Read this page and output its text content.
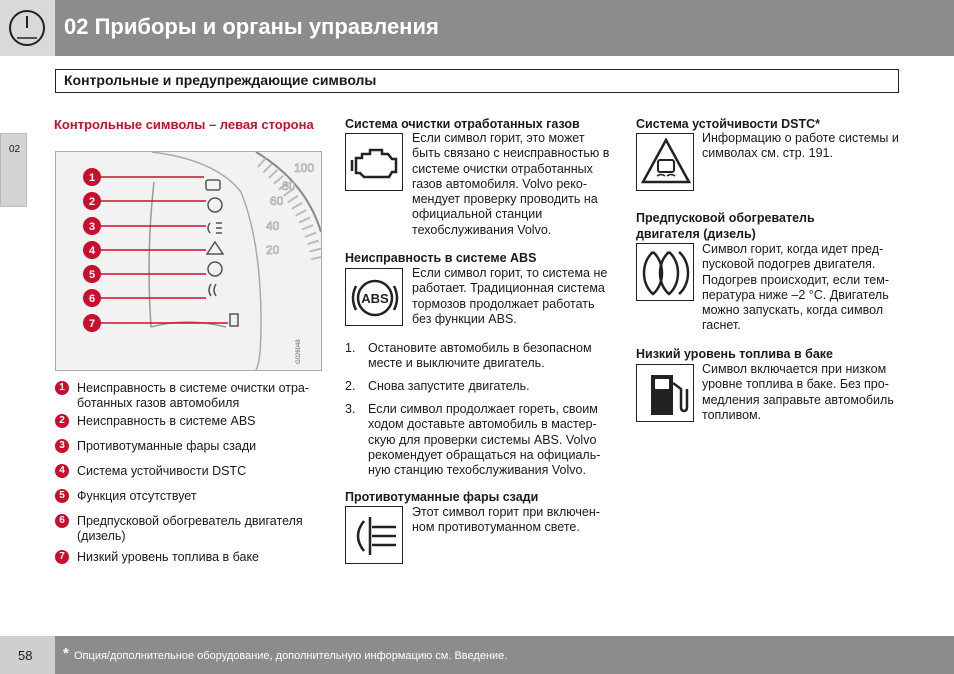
02 Приборы и органы управления
Контрольные и предупреждающие символы
02
Контрольные символы – левая сторона
100
80
60
40
20
1
2
3
4
5
6
7
G026048
1 Неисправность в системе очистки отра- ботанных газов автомобиля
2 Неисправность в системе ABS
3 Противотуманные фары сзади
4 Система устойчивости DSTC
5 Функция отсутствует
6 Предпусковой обогреватель двигателя (дизель)
7 Низкий уровень топлива в баке
Система очистки отработанных газов
Если символ горит, это может быть связано с неисправностью в системе очистки отработанных газов автомобиля. Volvo реко- мендует проверку проводить на официальной станции техобслуживания Volvo.
Неисправность в системе ABS
ABS
Если символ горит, то система не работает. Традиционная система тормозов продолжает работать без функции ABS.
1. Остановите автомобиль в безопасном месте и выключите двигатель.
2. Снова запустите двигатель.
3. Если символ продолжает гореть, своим ходом доставьте автомобиль в мастер- скую для проверки системы ABS. Volvo рекомендует обращаться на официаль- ную станцию техобслуживания Volvo.
Противотуманные фары сзади
Этот символ горит при включен- ном противотуманном свете.
Система устойчивости DSTC*
Информацию о работе системы и символах см. стр. 191.
Предпусковой обогреватель
двигателя (дизель)
Символ горит, когда идет пред- пусковой подогрев двигателя. Подогрев происходит, если тем- пература ниже –2 °C. Двигатель можно запускать, когда символ гаснет.
Низкий уровень топлива в баке
Символ включается при низком уровне топлива в баке. Без про- медления заправьте автомобиль топливом.
58 * Опция/дополнительное оборудование, дополнительную информацию см. Введение.
